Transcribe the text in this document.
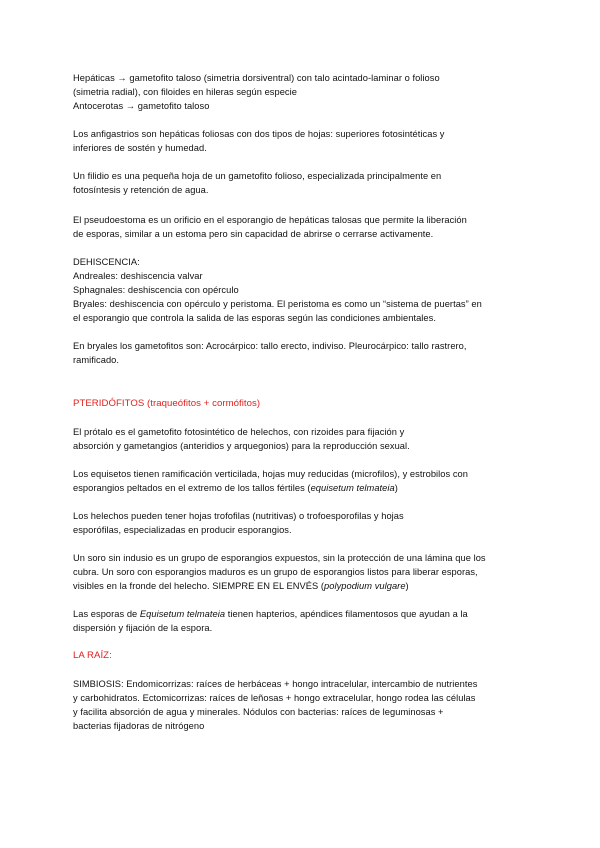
Hepáticas → gametofito taloso (simetria dorsiventral) con talo acintado-laminar o folioso
(simetria radial), con filoides en hileras según especie
Antocerotas → gametofito taloso
Los anfigastrios son hepáticas foliosas con dos tipos de hojas: superiores fotosintéticas y
inferiores de sostén y humedad.
Un filidio es una pequeña hoja de un gametofito folioso, especializada principalmente en
fotosíntesis y retención de agua.
El pseudoestoma es un orificio en el esporangio de hepáticas talosas que permite la liberación
de esporas, similar a un estoma pero sin capacidad de abrirse o cerrarse activamente.
DEHISCENCIA:
Andreales: deshiscencia valvar
Sphagnales: deshiscencia con opérculo
Bryales: deshiscencia con opérculo y peristoma. El peristoma es como un “sistema de puertas” en
el esporangio que controla la salida de las esporas según las condiciones ambientales.
En bryales los gametofitos son: Acrocárpico: tallo erecto, indiviso. Pleurocárpico: tallo rastrero,
ramificado.
PTERIDÓFITOS (traqueófitos + cormófitos)
El prótalo es el gametofito fotosintético de helechos, con rizoides para fijación y
absorción y gametangios (anteridios y arquegonios) para la reproducción sexual.
Los equisetos tienen ramificación verticilada, hojas muy reducidas (microfilos), y estrobilos con
esporangios peltados en el extremo de los tallos fértiles (equisetum telmateia)
Los helechos pueden tener hojas trofofilas (nutritivas) o trofoesporofilas y hojas
esporófilas, especializadas en producir esporangios.
Un soro sin indusio es un grupo de esporangios expuestos, sin la protección de una lámina que los
cubra. Un soro con esporangios maduros es un grupo de esporangios listos para liberar esporas,
visibles en la fronde del helecho. SIEMPRE EN EL ENVÉS (polypodium vulgare)
Las esporas de Equisetum telmateia tienen hapterios, apéndices filamentosos que ayudan a la
dispersión y fijación de la espora.
LA RAÍZ:
SIMBIOSIS: Endomicorrizas: raíces de herbáceas + hongo intracelular, intercambio de nutrientes
y carbohidratos. Ectomicorrizas: raíces de leñosas + hongo extracelular, hongo rodea las células
y facilita absorción de agua y minerales. Nódulos con bacterias: raíces de leguminosas +
bacterias fijadoras de nitrógeno
